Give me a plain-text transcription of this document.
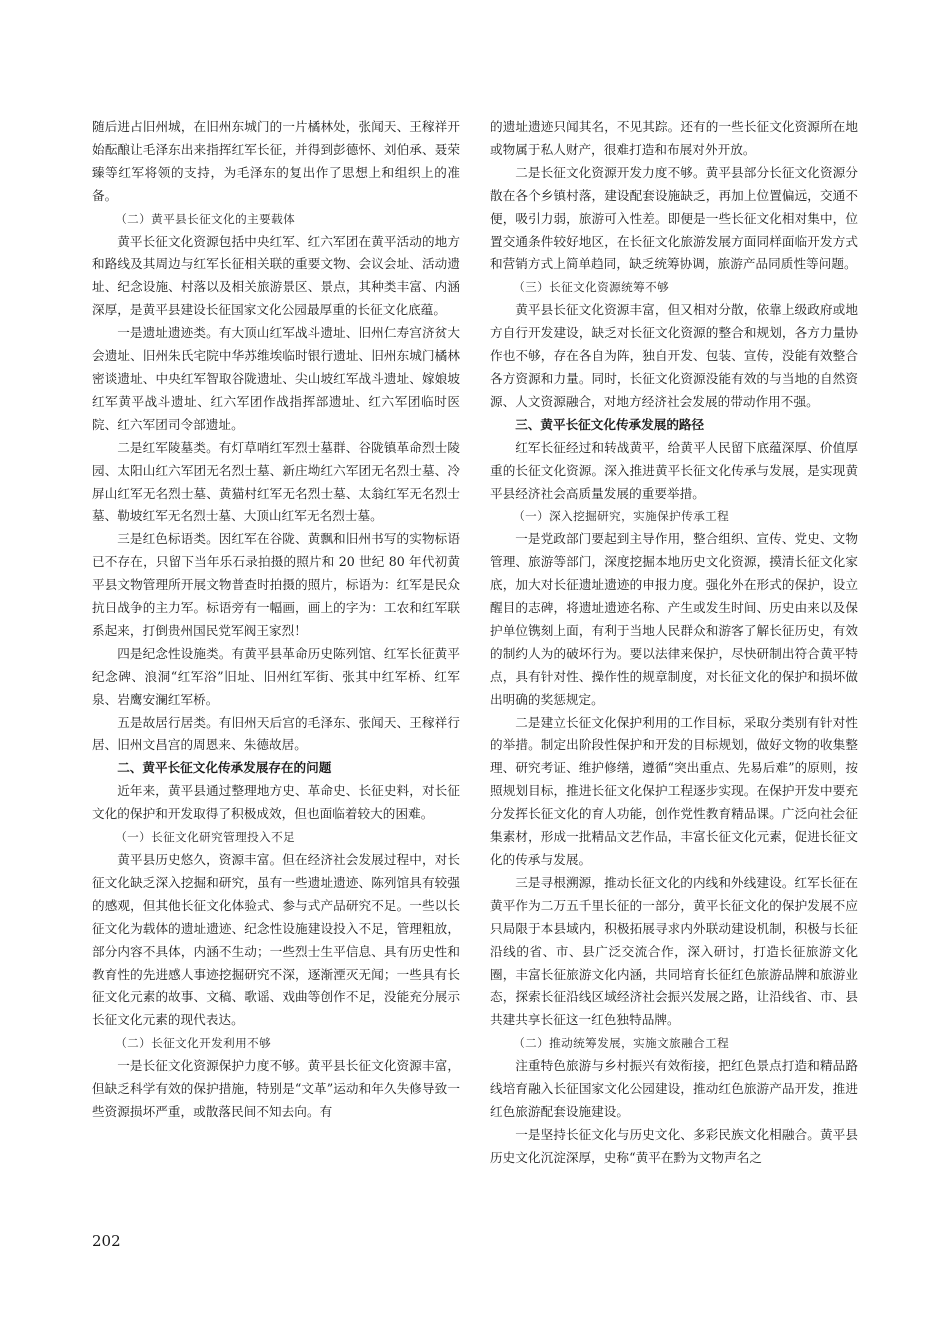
随后进占旧州城，在旧州东城门的一片橘林处，张闻天、王稼祥开始酝酿让毛泽东出来指挥红军长征，并得到彭德怀、刘伯承、聂荣臻等红军将领的支持，为毛泽东的复出作了思想上和组织上的准备。

（二）黄平县长征文化的主要载体

黄平长征文化资源包括中央红军、红六军团在黄平活动的地方和路线及其周边与红军长征相关联的重要文物、会议会址、活动遗址、纪念设施、村落以及相关旅游景区、景点，其种类丰富、内涵深厚，是黄平县建设长征国家文化公园最厚重的长征文化底蕴。

一是遗址遗迹类。有大顶山红军战斗遗址、旧州仁寿宫济贫大会遗址、旧州朱氏宅院中华苏维埃临时银行遗址、旧州东城门橘林密谈遗址、中央红军智取谷陇遗址、尖山坡红军战斗遗址、嫁娘坡红军黄平战斗遗址、红六军团作战指挥部遗址、红六军团临时医院、红六军团司令部遗址。

二是红军陵墓类。有灯草哨红军烈士墓群、谷陇镇革命烈士陵园、太阳山红六军团无名烈士墓、新庄坳红六军团无名烈士墓、冷屏山红军无名烈士墓、黄猫村红军无名烈士墓、太翁红军无名烈士墓、勒坡红军无名烈士墓、大顶山红军无名烈士墓。

三是红色标语类。因红军在谷陇、黄飘和旧州书写的实物标语已不存在，只留下当年乐石录拍摄的照片和 20 世纪 80 年代初黄平县文物管理所开展文物普查时拍摄的照片，标语为：红军是民众抗日战争的主力军。标语旁有一幅画，画上的字为：工农和红军联系起来，打倒贵州国民党军阀王家烈！

四是纪念性设施类。有黄平县革命历史陈列馆、红军长征黄平纪念碑、浪洞“红军浴”旧址、旧州红军街、张其中红军桥、红军泉、岩鹰安澜红军桥。

五是故居行居类。有旧州天后宫的毛泽东、张闻天、王稼祥行居、旧州文昌宫的周恩来、朱德故居。

二、黄平长征文化传承发展存在的问题

近年来，黄平县通过整理地方史、革命史、长征史料，对长征文化的保护和开发取得了积极成效，但也面临着较大的困难。

（一）长征文化研究管理投入不足

黄平县历史悠久，资源丰富。但在经济社会发展过程中，对长征文化缺乏深入挖掘和研究，虽有一些遗址遗迹、陈列馆具有较强的感观，但其他长征文化体验式、参与式产品研究不足。一些以长征文化为载体的遗址遗迹、纪念性设施建设投入不足，管理粗放，部分内容不具体，内涵不生动；一些烈士生平信息、具有历史性和教育性的先进感人事迹挖掘研究不深，逐渐湮灭无闻；一些具有长征文化元素的故事、文稿、歌谣、戏曲等创作不足，没能充分展示长征文化元素的现代表达。

（二）长征文化开发利用不够

一是长征文化资源保护力度不够。黄平县长征文化资源丰富，但缺乏科学有效的保护措施，特别是“文革”运动和年久失修导致一些资源损坏严重，或散落民间不知去向。有

的遗址遗迹只闻其名，不见其踪。还有的一些长征文化资源所在地或物属于私人财产，很难打造和布展对外开放。

二是长征文化资源开发力度不够。黄平县部分长征文化资源分散在各个乡镇村落，建设配套设施缺乏，再加上位置偏远，交通不便，吸引力弱，旅游可入性差。即便是一些长征文化相对集中，位置交通条件较好地区，在长征文化旅游发展方面同样面临开发方式和营销方式上简单趋同，缺乏统筹协调，旅游产品同质性等问题。

（三）长征文化资源统筹不够

黄平县长征文化资源丰富，但又相对分散，依靠上级政府或地方自行开发建设，缺乏对长征文化资源的整合和规划，各方力量协作也不够，存在各自为阵，独自开发、包装、宣传，没能有效整合各方资源和力量。同时，长征文化资源没能有效的与当地的自然资源、人文资源融合，对地方经济社会发展的带动作用不强。

三、黄平长征文化传承发展的路径

红军长征经过和转战黄平，给黄平人民留下底蕴深厚、价值厚重的长征文化资源。深入推进黄平长征文化传承与发展，是实现黄平县经济社会高质量发展的重要举措。

（一）深入挖掘研究，实施保护传承工程

一是党政部门要起到主导作用，整合组织、宣传、党史、文物管理、旅游等部门，深度挖掘本地历史文化资源，摸清长征文化家底，加大对长征遗址遗迹的申报力度。强化外在形式的保护，设立醒目的志碑，将遗址遗迹名称、产生或发生时间、历史由来以及保护单位镌刻上面，有利于当地人民群众和游客了解长征历史，有效的制约人为的破坏行为。要以法律来保护，尽快研制出符合黄平特点，具有针对性、操作性的规章制度，对长征文化的保护和损坏做出明确的奖惩规定。

二是建立长征文化保护利用的工作目标，采取分类别有针对性的举措。制定出阶段性保护和开发的目标规划，做好文物的收集整理、研究考证、维护修缮，遵循“突出重点、先易后难”的原则，按照规划目标，推进长征文化保护工程逐步实现。在保护开发中要充分发挥长征文化的育人功能，创作党性教育精品课。广泛向社会征集素材，形成一批精品文艺作品，丰富长征文化元素，促进长征文化的传承与发展。

三是寻根溯源，推动长征文化的内线和外线建设。红军长征在黄平作为二万五千里长征的一部分，黄平长征文化的保护发展不应只局限于本县域内，积极拓展寻求内外联动建设机制，积极与长征沿线的省、市、县广泛交流合作，深入研讨，打造长征旅游文化圈，丰富长征旅游文化内涵，共同培育长征红色旅游品牌和旅游业态，探索长征沿线区域经济社会振兴发展之路，让沿线省、市、县共建共享长征这一红色独特品牌。

（二）推动统筹发展，实施文旅融合工程

注重特色旅游与乡村振兴有效衔接，把红色景点打造和精品路线培育融入长征国家文化公园建设，推动红色旅游产品开发，推进红色旅游配套设施建设。

一是坚持长征文化与历史文化、多彩民族文化相融合。黄平县历史文化沉淀深厚，史称“黄平在黔为文物声名之

202
